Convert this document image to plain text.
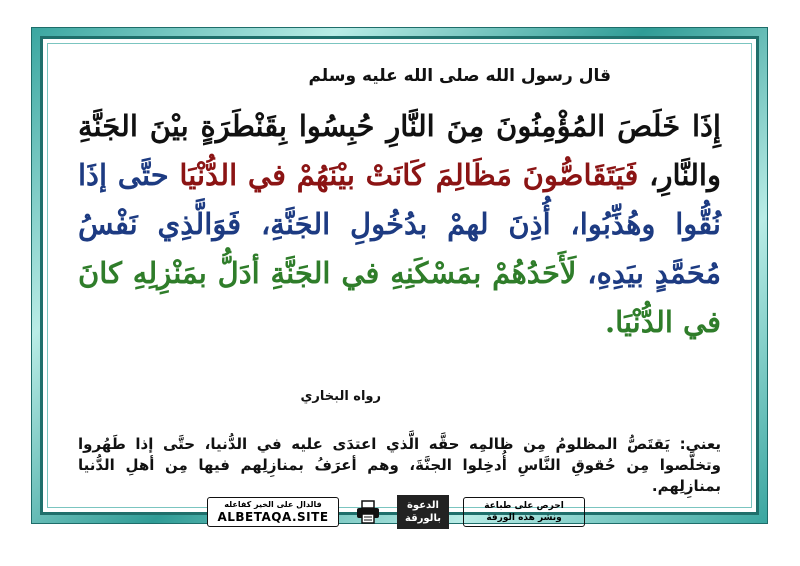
قال رسول الله صلى الله عليه وسلم
إِذَا خَلَصَ المُؤْمِنُونَ مِنَ النَّارِ حُبِسُوا بِقَنْطَرَةٍ بيْنَ الجَنَّةِ والنَّارِ، فَيَتَقَاصُّونَ مَظَالِمَ كَانَتْ بيْنَهُمْ في الدُّنْيَا حتَّى إذَا نُقُّوا وهُذِّبُوا، أُذِنَ لهمْ بدُخُولِ الجَنَّةِ، فَوَالَّذِي نَفْسُ مُحَمَّدٍ بيَدِهِ، لَأَحَدُهُمْ بمَسْكَنِهِ في الجَنَّةِ أدَلُّ بمَنْزِلِهِ كانَ في الدُّنْيَا.
رواه البخاري
يعني: يَقتَصُّ المظلومُ مِن ظالمِه حقَّه الَّذي اعتدَى عليه في الدُّنيا، حتَّى إذا طَهُروا وتخلَّصوا مِن حُقوقِ النَّاسِ أُدخِلوا الجنَّةَ، وهم أعرَفُ بمنازِلِهم فيها مِن أهلِ الدُّنيا بمنازِلِهم.
فالدال على الخير كفاعله
ALBETAQA.SITE
الدعوة
بالورقة
احرص على طباعة
ونشر هذه الورقة
